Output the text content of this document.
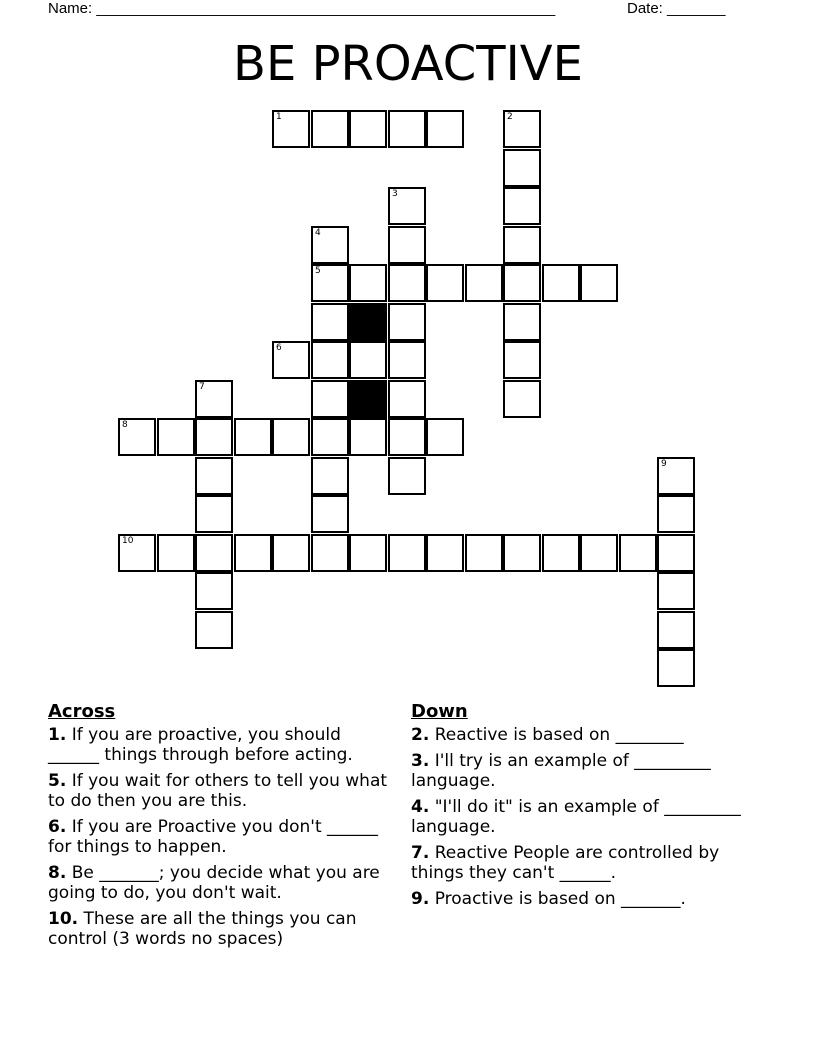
Name: _______________________________________________________	Date: _______
BE PROACTIVE
1	2
3
4
5
6
7
8
9
10
Across
1. If you are proactive, you should ______ things through before acting.
5. If you wait for others to tell you what to do then you are this.
6. If you are Proactive you don't ______ for things to happen.
8. Be _______; you decide what you are going to do, you don't wait.
10. These are all the things you can control (3 words no spaces)
Down
2. Reactive is based on ________
3. I'll try is an example of _________ language.
4. "I'll do it" is an example of _________ language.
7. Reactive People are controlled by things they can't ______.
9. Proactive is based on _______.
